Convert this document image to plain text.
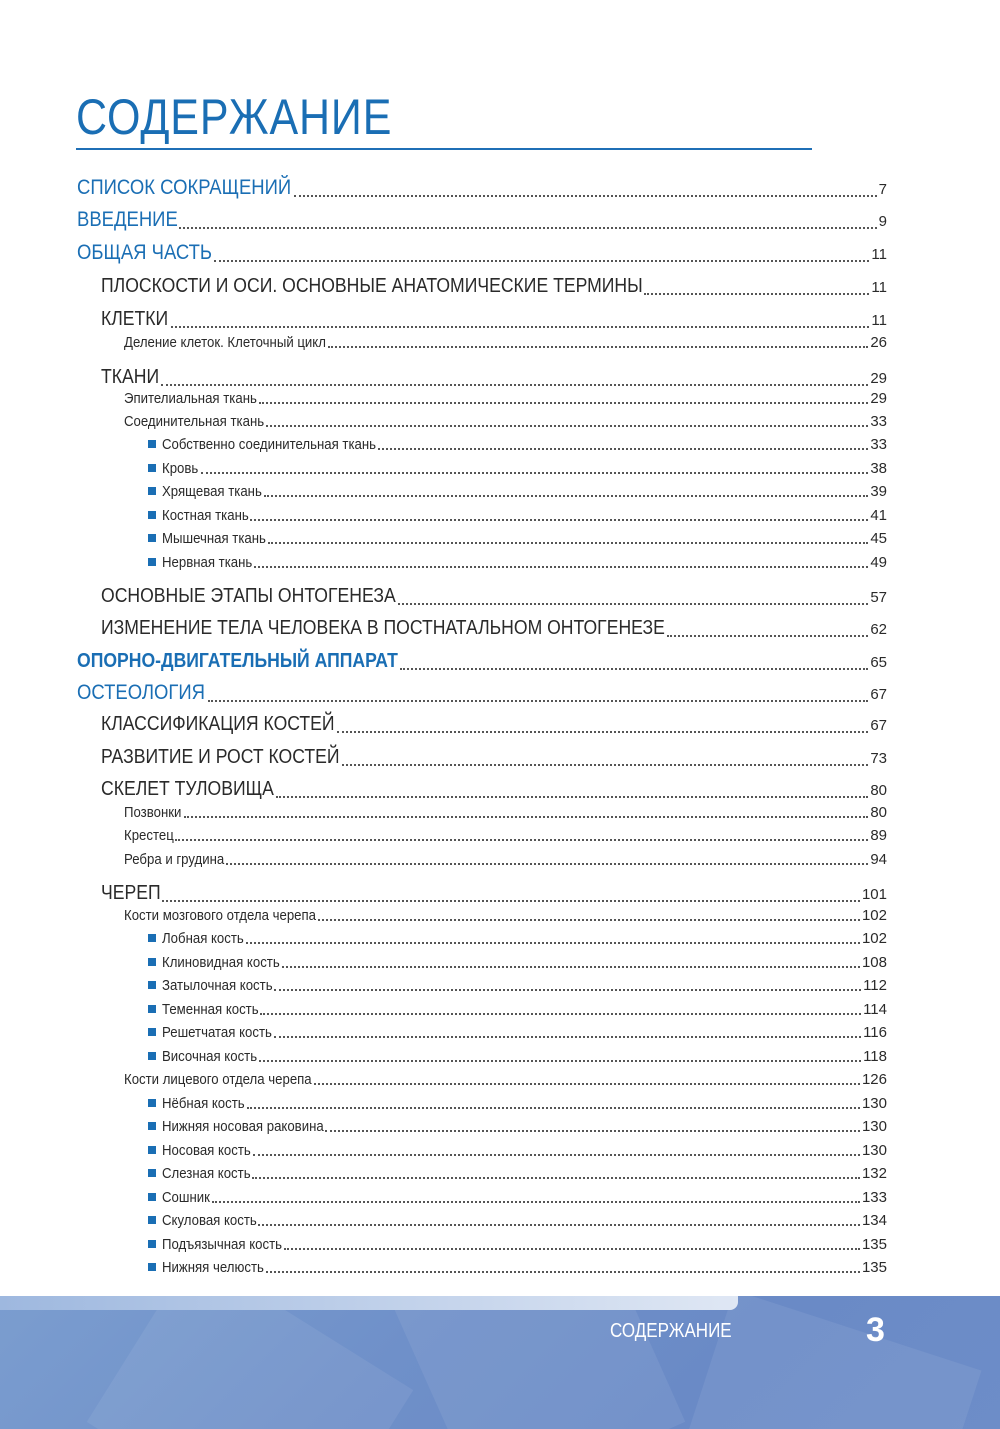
СОДЕРЖАНИЕ
СПИСОК СОКРАЩЕНИЙ	7
ВВЕДЕНИЕ	9
ОБЩАЯ ЧАСТЬ	11
ПЛОСКОСТИ И ОСИ. ОСНОВНЫЕ АНАТОМИЧЕСКИЕ ТЕРМИНЫ	11
КЛЕТКИ	11
Деление клеток. Клеточный цикл	26
ТКАНИ	29
Эпителиальная ткань	29
Соединительная ткань	33
Собственно соединительная ткань	33
Кровь	38
Хрящевая ткань	39
Костная ткань	41
Мышечная ткань	45
Нервная ткань	49
ОСНОВНЫЕ ЭТАПЫ ОНТОГЕНЕЗА	57
ИЗМЕНЕНИЕ ТЕЛА ЧЕЛОВЕКА В ПОСТНАТАЛЬНОМ ОНТОГЕНЕЗЕ	62
ОПОРНО-ДВИГАТЕЛЬНЫЙ АППАРАТ	65
ОСТЕОЛОГИЯ	67
КЛАССИФИКАЦИЯ КОСТЕЙ	67
РАЗВИТИЕ И РОСТ КОСТЕЙ	73
СКЕЛЕТ ТУЛОВИЩА	80
Позвонки	80
Крестец	89
Ребра и грудина	94
ЧЕРЕП	101
Кости мозгового отдела черепа	102
Лобная кость	102
Клиновидная кость	108
Затылочная кость	112
Теменная кость	114
Решетчатая кость	116
Височная кость	118
Кости лицевого отдела черепа	126
Нёбная кость	130
Нижняя носовая раковина	130
Носовая кость	130
Слезная кость	132
Сошник	133
Скуловая кость	134
Подъязычная кость	135
Нижняя челюсть	135
СОДЕРЖАНИЕ	3
